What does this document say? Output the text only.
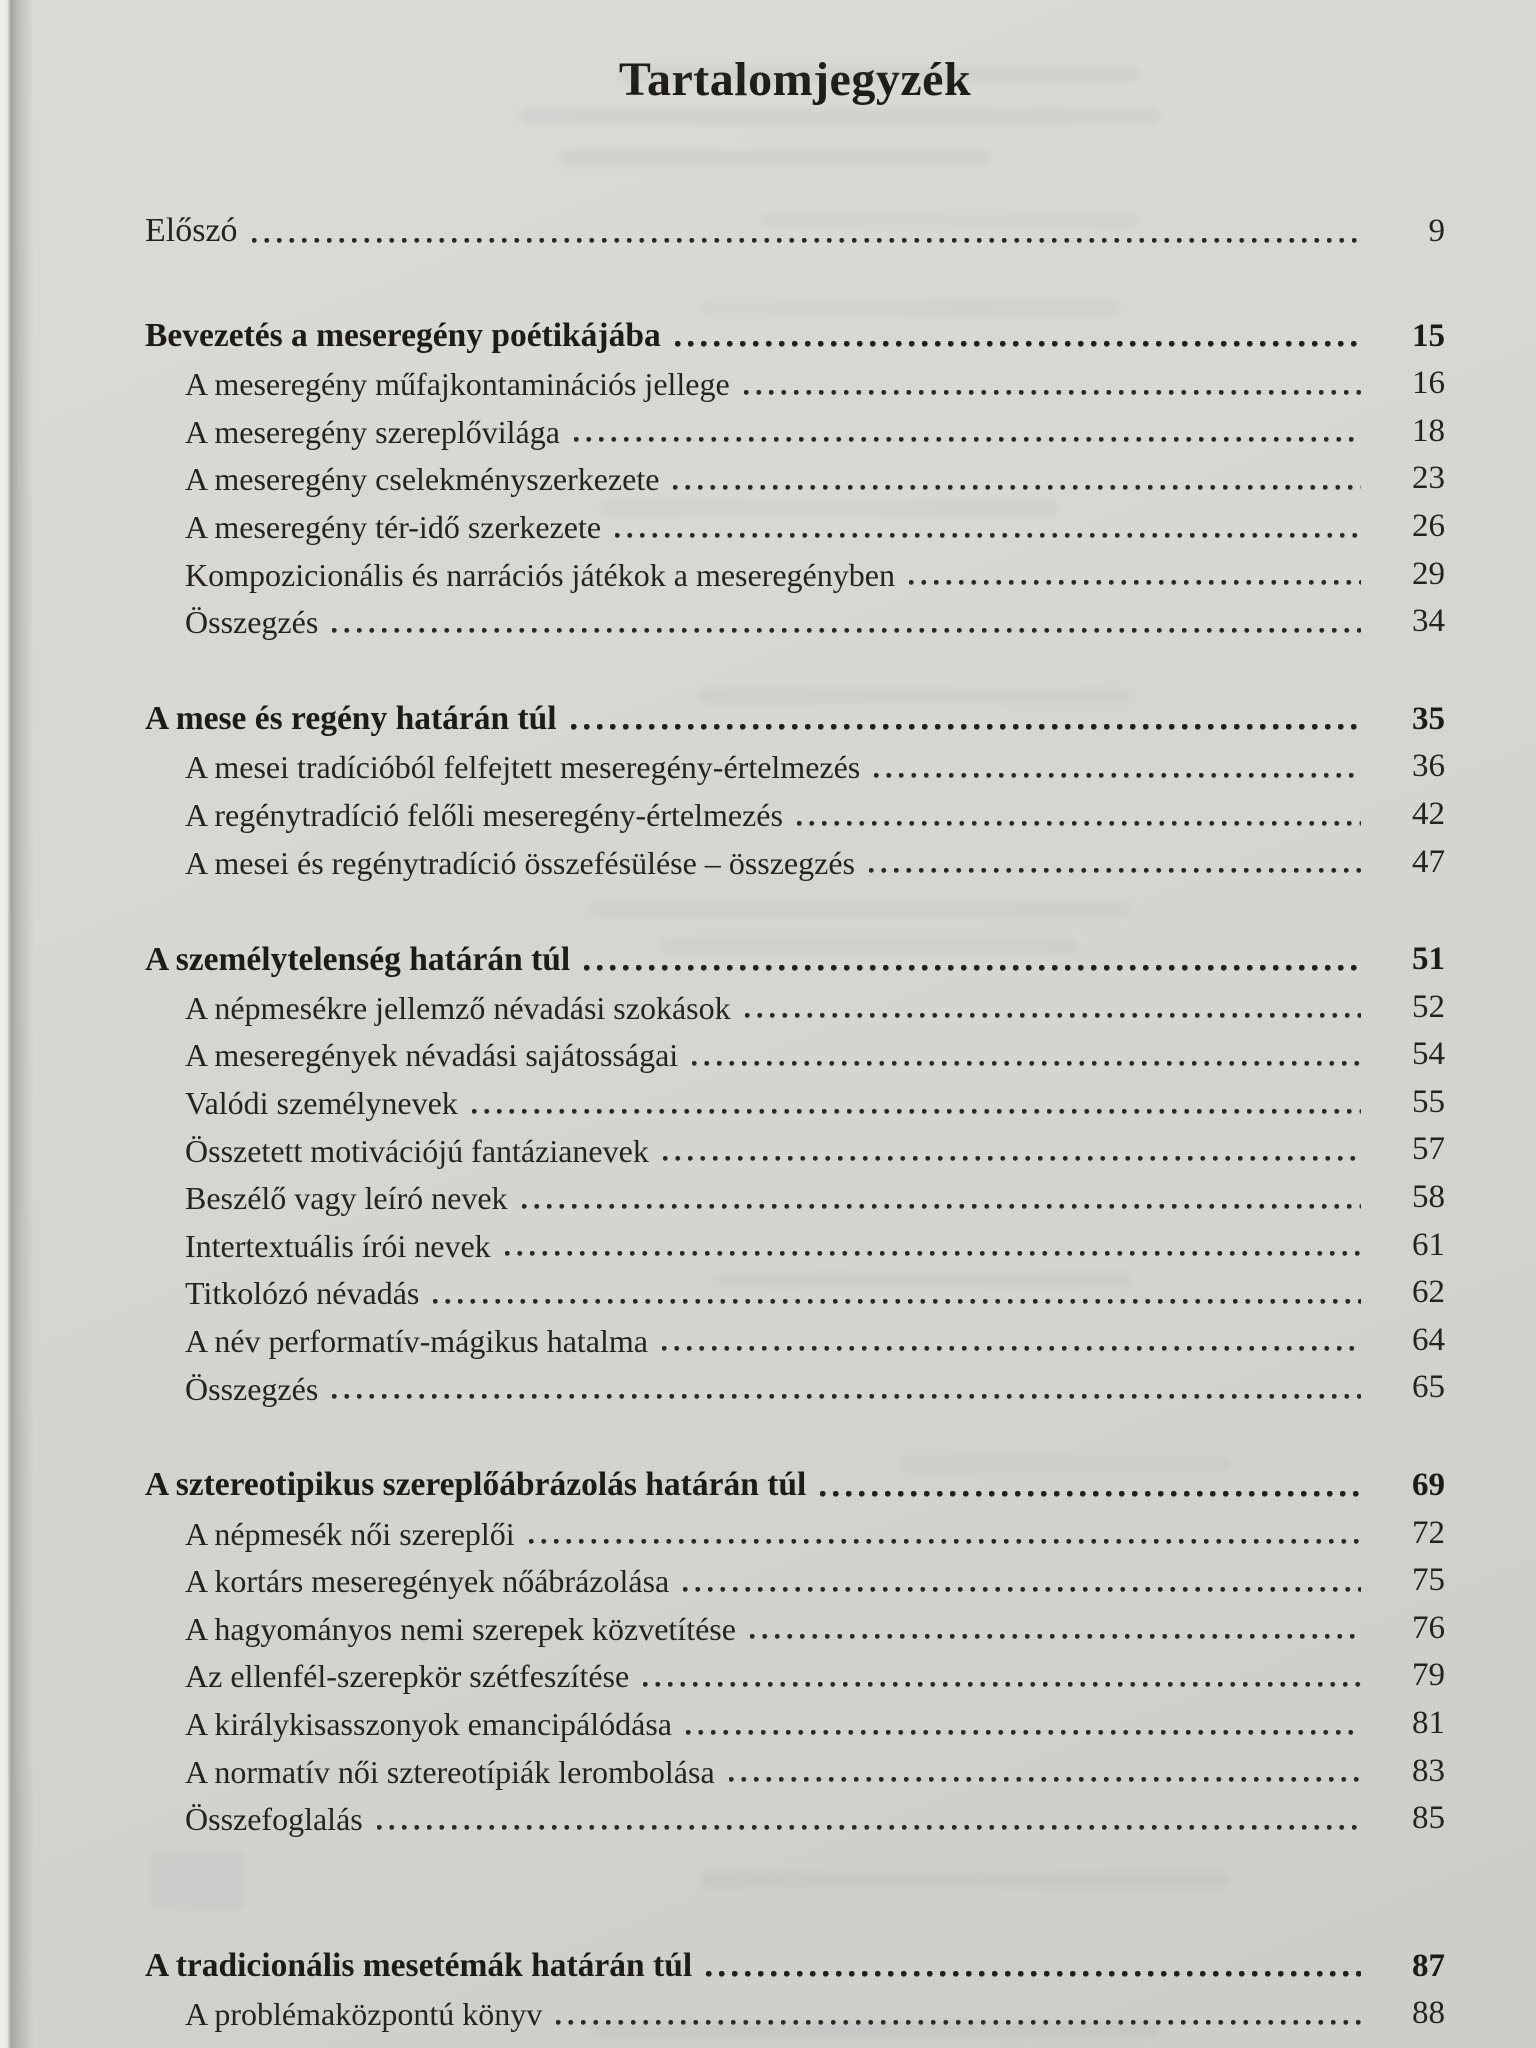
Tartalomjegyzék
Előszó	9
Bevezetés a meseregény poétikájába	15
A meseregény műfajkontaminációs jellege	16
A meseregény szereplővilága	18
A meseregény cselekményszerkezete	23
A meseregény tér-idő szerkezete	26
Kompozicionális és narrációs játékok a meseregényben	29
Összegzés	34
A mese és regény határán túl	35
A mesei tradícióból felfejtett meseregény-értelmezés	36
A regénytradíció felőli meseregény-értelmezés	42
A mesei és regénytradíció összefésülése – összegzés	47
A személytelenség határán túl	51
A népmesékre jellemző névadási szokások	52
A meseregények névadási sajátosságai	54
Valódi személynevek	55
Összetett motivációjú fantázianevek	57
Beszélő vagy leíró nevek	58
Intertextuális írói nevek	61
Titkolózó névadás	62
A név performatív-mágikus hatalma	64
Összegzés	65
A sztereotipikus szereplőábrázolás határán túl	69
A népmesék női szereplői	72
A kortárs meseregények nőábrázolása	75
A hagyományos nemi szerepek közvetítése	76
Az ellenfél-szerepkör szétfeszítése	79
A királykisasszonyok emancipálódása	81
A normatív női sztereotípiák lerombolása	83
Összefoglalás	85
A tradicionális mesetémák határán túl	87
A problémaközpontú könyv	88
